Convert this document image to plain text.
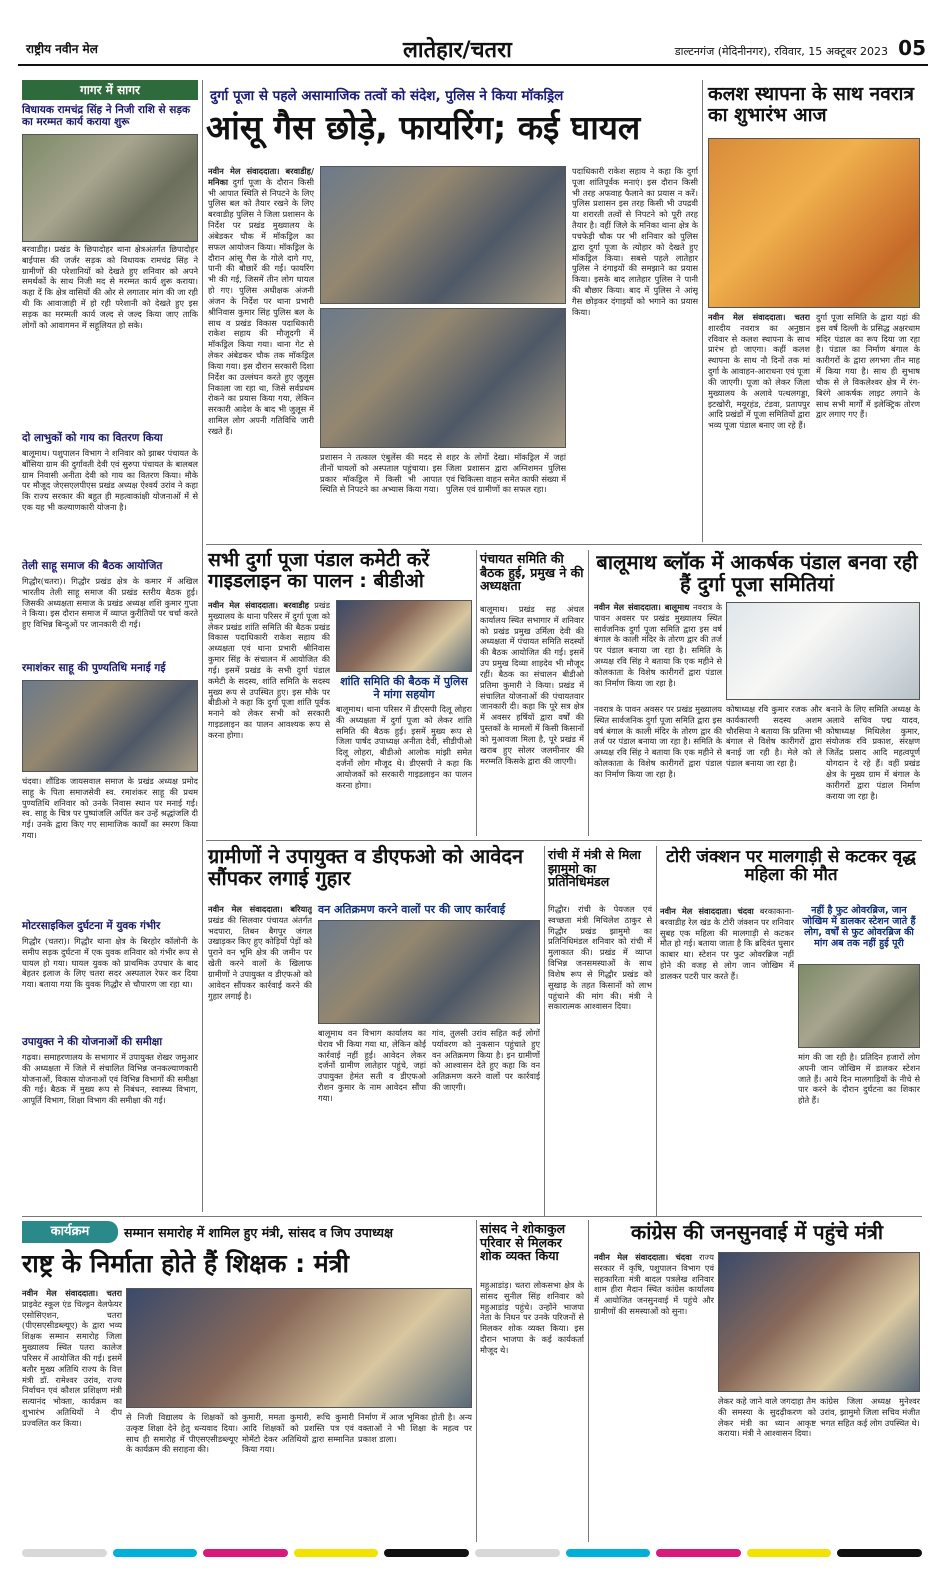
राष्ट्रीय नवीन मेल	लातेहार/चतरा	डाल्टनगंज (मेदिनीनगर), रविवार, 15 अक्टूबर 2023 05
गागर में सागर
विधायक रामचंद्र सिंह ने निजी राशि से सड़क का मरम्मत कार्य कराया शुरू
बरवाडीह। प्रखंड के छिपादोहर थाना क्षेत्रअंतर्गत छिपादोहर बाईपास की जर्जर सड़क को विधायक रामचंद्र सिंह ने ग्रामीणों की परेशानियों को देखते हुए शनिवार को अपने समर्थकों के साथ निजी मद से मरम्मत कार्य शुरू कराया। कहा दें कि क्षेत्र वासियों की ओर से लगातार मांग की जा रही थी कि आवाजाही में हो रही परेशानी को देखते हुए इस सड़क का मरम्मती कार्य जल्द से जल्द किया जाए ताकि लोगों को आवागमन में सहूलियत हो सके।
दो लाभुकों को गाय का वितरण किया
बालूमाथ। पशुपालन विभाग ने शनिवार को झाबर पंचायत के बाँसिया ग्राम की दुर्गावती देवी एवं सुरुपा पंचायत के बालबल ग्राम निवासी अनीता देवी को गाय का वितरण किया। मौके पर मौजूद जेएसएलपीएस प्रखंड अध्यक्ष ऐश्वर्य उरांव ने कहा कि राज्य सरकार की बहुत ही महत्वाकांक्षी योजनाओं में से एक यह भी कल्याणकारी योजना है।
तेली साहू समाज की बैठक आयोजित
गिद्धौर(चतरा)। गिद्धौर प्रखंड क्षेत्र के कमार में अखिल भारतीय तेली साहू समाज की प्रखंड स्तरीय बैठक हुई। जिसकी अध्यक्षता समाज के प्रखंड अध्यक्ष शशि कुमार गुप्ता ने किया। इस दौरान समाज में व्याप्त कुरीतियों पर चर्चा करते हुए विभिन्न बिन्दुओं पर जानकारी दी गई।
रमाशंकर साहू की पुण्यतिथि मनाई गई
चंदवा। शौंडिक जायसवाल समाज के प्रखंड अध्यक्ष प्रमोद साहू के पिता समाजसेवी स्व. रमाशंकर साहू की प्रथम पुण्यतिथि शनिवार को उनके निवास स्थान पर मनाई गई। स्व. साहू के चित्र पर पुष्पांजलि अर्पित कर उन्हें श्रद्धांजलि दी गई। उनके द्वारा किए गए सामाजिक कार्यों का स्मरण किया गया।
मोटरसाइकिल दुर्घटना में युवक गंभीर
गिद्धौर (चतरा)। गिद्धौर थाना क्षेत्र के बिरहोर कॉलोनी के समीप सड़क दुर्घटना में एक युवक शनिवार को गंभीर रूप से घायल हो गया। घायल युवक को प्राथमिक उपचार के बाद बेहतर इलाज के लिए चतरा सदर अस्पताल रेफर कर दिया गया। बताया गया कि युवक गिद्धौर से चौपारण जा रहा था।
उपायुक्त ने की योजनाओं की समीक्षा
गढ़वा। समाहरणालय के सभागार में उपायुक्त शेखर जमुआर की अध्यक्षता में जिले में संचालित विभिन्न जनकल्याणकारी योजनाओं, विकास योजनाओं एवं विभिन्न विभागों की समीक्षा की गई। बैठक में मुख्य रूप से निबंधन, स्वास्थ्य विभाग, आपूर्ति विभाग, शिक्षा विभाग की समीक्षा की गई।
दुर्गा पूजा से पहले असामाजिक तत्वों को संदेश, पुलिस ने किया मॉकड्रिल
आंसू गैस छोड़े, फायरिंग; कई घायल
नवीन मेल संवाददाता। बरवाडीह/मनिका दुर्गा पूजा के दौरान किसी भी आपात स्थिति से निपटने के लिए पुलिस बल को तैयार रखने के लिए बरवाडीह पुलिस ने जिला प्रशासन के निर्देश पर प्रखंड मुख्यालय के अंबेडकर चौक में मॉकड्रिल का सफल आयोजन किया। मॉकड्रिल के दौरान आंसू गैस के गोले दागे गए, पानी की बौछारें की गईं। फायरिंग भी की गई, जिसमें तीन लोग घायल हो गए। पुलिस अधीक्षक अंजनी अंजन के निर्देश पर थाना प्रभारी श्रीनिवास कुमार सिंह पुलिस बल के साथ व प्रखंड विकास पदाधिकारी राकेश सहाय की मौजूदगी में मॉकड्रिल किया गया। थाना गेट से लेकर अंबेडकर चौक तक मॉकड्रिल किया गया। इस दौरान सरकारी दिशा निर्देश का उल्लंघन करते हुए जुलूस निकाला जा रहा था, जिसे सर्वप्रथम रोकने का प्रयास किया गया, लेकिन सरकारी आदेश के बाद भी जुलूस में शामिल लोग अपनी गतिविधि जारी रखते हैं।
प्रशासन ने तत्काल एंबुलेंस की मदद से तीनों घायलों को अस्पताल पहुंचाया। इस प्रकार मॉकड्रिल में किसी भी आपात स्थिति से निपटने का अभ्यास किया गया।
शहर के लोगों देखा। मॉकड्रिल में जहां जिला प्रशासन द्वारा अग्निशमन पुलिस एवं चिकित्सा वाहन समेत काफी संख्या में पुलिस एवं ग्रामीणों का सफल रहा।
पदाधिकारी राकेश सहाय ने कहा कि दुर्गा पूजा शांतिपूर्वक मनाएं। इस दौरान किसी भी तरह अफवाह फैलाने का प्रयास न करें। पुलिस प्रशासन इस तरह किसी भी उपद्रवी या शरारती तत्वों से निपटने को पूरी तरह तैयार है। वहीं जिले के मनिका थाना क्षेत्र के पचफेड़ी चौक पर भी शनिवार को पुलिस द्वारा दुर्गा पूजा के त्योहार को देखते हुए मॉकड्रिल किया। सबसे पहले लातेहार पुलिस ने दंगाइयों की समझाने का प्रयास किया। इसके बाद लातेहार पुलिस ने पानी की बौछार किया। बाद में पुलिस ने आंसू गैस छोड़कर दंगाइयों को भगाने का प्रयास किया।
कलश स्थापना के साथ नवरात्र का शुभारंभ आज
नवीन मेल संवाददाता। चतरा शारदीय नवरात्र का अनुष्ठान रविवार से कलश स्थापना के साथ प्रारंभ हो जाएगा। कहीं कलश स्थापना के साथ नौ दिनों तक मां दुर्गा के आवाहन-आराधना एवं पूजा की जाएगी। पूजा को लेकर जिला मुख्यालय के अलावे पत्थलगड्डा, इटखोरी, मयूरहंड, टंडवा, प्रतापपुर आदि प्रखंडों में पूजा समितियों द्वारा भव्य पूजा पंडाल बनाए जा रहे हैं।
दुर्गा पूजा समिति के द्वारा यहां की इस वर्ष दिल्ली के प्रसिद्ध अक्षरधाम मंदिर पंडाल का रूप दिया जा रहा है। पंडाल का निर्माण बंगाल के कारीगरों के द्वारा लगभग तीन माह में किया गया है। साथ ही सुभाष चौक से ले विकलेश्वर क्षेत्र में रंग-बिरंगे आकर्षक लाइट लगाने के साथ सभी मार्गों में इलेक्ट्रिक तोरण द्वार लगाए गए हैं।
सभी दुर्गा पूजा पंडाल कमेटी करें गाइडलाइन का पालन : बीडीओ
नवीन मेल संवाददाता। बरवाडीह प्रखंड मुख्यालय के थाना परिसर में दुर्गा पूजा को लेकर प्रखंड शांति समिति की बैठक प्रखंड विकास पदाधिकारी राकेश सहाय की अध्यक्षता एवं थाना प्रभारी श्रीनिवास कुमार सिंह के संचालन में आयोजित की गई। इसमें प्रखंड के सभी दुर्गा पंडाल कमेटी के सदस्य, शांति समिति के सदस्य मुख्य रूप से उपस्थित हुए। इस मौके पर बीडीओ ने कहा कि दुर्गा पूजा शांति पूर्वक मनाने को लेकर सभी को सरकारी गाइडलाइन का पालन आवश्यक रूप से करना होगा।
शांति समिति की बैठक में पुलिस ने मांगा सहयोग
बालूमाथ। थाना परिसर में डीएसपी दिलू लोहरा की अध्यक्षता में दुर्गा पूजा को लेकर शांति समिति की बैठक हुई। इसमें मुख्य रूप से जिला पार्षद उपाध्यक्ष अनीता देवी, सीडीपीओ दिलू लोहरा, बीडीओ आलोक मांझी समेत दर्जनों लोग मौजूद थे। डीएसपी ने कहा कि आयोजकों को सरकारी गाइडलाइन का पालन करना होगा।
पंचायत समिति की बैठक हुई, प्रमुख ने की अध्यक्षता
बालूमाथ। प्रखंड सह अंचल कार्यालय स्थित सभागार में शनिवार को प्रखंड प्रमुख उर्मिला देवी की अध्यक्षता में पंचायत समिति सदस्यों की बैठक आयोजित की गई। इसमें उप प्रमुख दिव्या शाहदेव भी मौजूद रहीं। बैठक का संचालन बीडीओ प्रतिमा कुमारी ने किया। प्रखंड में संचालित योजनाओं की पंचायतवार जानकारी दी। कहा कि पूरे सत्र क्षेत्र में अवसर हर्षियों द्वारा वर्षों की पुस्तकों के मामलों में किसी किसानों को मुआवजा मिला है, पूरे प्रखंड में खराब हुए सोलर जलमीनार की मरम्मति किसके द्वारा की जाएगी।
बालूमाथ ब्लॉक में आकर्षक पंडाल बनवा रही हैं दुर्गा पूजा समितियां
नवीन मेल संवाददाता। बालूमाथ नवरात्र के पावन अवसर पर प्रखंड मुख्यालय स्थित सार्वजनिक दुर्गा पूजा समिति द्वारा इस वर्ष बंगाल के काली मंदिर के तोरण द्वार की तर्ज पर पंडाल बनाया जा रहा है। समिति के अध्यक्ष रवि सिंह ने बताया कि एक महीने से कोलकाता के विशेष कारीगरों द्वारा पंडाल का निर्माण किया जा रहा है।
कोषाध्यक्ष रवि कुमार रजक और कार्यकारणी सदस्य अशम चौरसिया ने बताया कि प्रतिमा भी बंगाल से विशेष कारीगरों द्वारा बनाई जा रही है। मेले को ले पंडाल बनाया जा रहा है।
बनाने के लिए समिति अध्यक्ष के अलावे सचिव पद्म यादव, कोषाध्यक्ष मिथिलेश कुमार, संयोजक रवि प्रकाश, संरक्षण जितेंद्र प्रसाद आदि महत्वपूर्ण योगदान दे रहे हैं। वहीं प्रखंड क्षेत्र के मुख्य ग्राम में बंगाल के कारीगरों द्वारा पंडाल निर्माण कराया जा रहा है।
नवरात्र के पावन अवसर पर प्रखंड मुख्यालय स्थित सार्वजनिक दुर्गा पूजा समिति द्वारा इस वर्ष बंगाल के काली मंदिर के तोरण द्वार की तर्ज पर पंडाल बनाया जा रहा है। समिति के अध्यक्ष रवि सिंह ने बताया कि एक महीने से कोलकाता के विशेष कारीगरों द्वारा पंडाल का निर्माण किया जा रहा है।
ग्रामीणों ने उपायुक्त व डीएफओ को आवेदन सौंपकर लगाई गुहार
नवीन मेल संवाददाता। बरियातू प्रखंड की सिलवार पंचायत अंतर्गत भदपारा, तिबन बैगपुर जंगल उखाड़कर किए हुए कोड़ियों पेड़ों को पुराने वन भूमि क्षेत्र की जमीन पर खेती करने वालों के खिलाफ ग्रामीणों ने उपायुक्त व डीएफओ को आवेदन सौंपकर कार्रवाई करने की गुहार लगाई है।
वन अतिक्रमण करने वालों पर की जाए कार्रवाई
बालूमाथ वन विभाग कार्यालय का घेराव भी किया गया था, लेकिन कोई कार्रवाई नहीं हुई। आवेदन लेकर दर्जनों ग्रामीण लातेहार पहुंचे, जहां उपायुक्त हेमंत सती व डीएफओ रौशन कुमार के नाम आवेदन सौंपा गया।
गांव, तुलसी उरांव सहित कई लोगों पर्यावरण को नुकसान पहुंचाते हुए वन अतिक्रमण किया है। इन ग्रामीणों को आश्वासन देते हुए कहा कि वन अतिक्रमण करने वालों पर कार्रवाई की जाएगी।
रांची में मंत्री से मिला झामुमो का प्रतिनिधिमंडल
गिद्धौर। रांची के पेयजल एवं स्वच्छता मंत्री मिथिलेश ठाकुर से गिद्धौर प्रखंड झामुमो का प्रतिनिधिमंडल शनिवार को रांची में मुलाकात की। प्रखंड में व्याप्त विभिन्न जनसमस्याओं के साथ विशेष रूप से गिद्धौर प्रखंड को सुखाड़ के तहत किसानों को लाभ पहुंचाने की मांग की। मंत्री ने सकारात्मक आश्वासन दिया।
टोरी जंक्शन पर मालगाड़ी से कटकर वृद्ध महिला की मौत
नवीन मेल संवाददाता। चंदवा बरकाकाना-बरवाडीह रेल खंड के टोरी जंक्शन पर शनिवार सुबह एक महिला की मालगाड़ी से कटकर मौत हो गई। बताया जाता है कि ब्रदिवंत घुसार काबार था। स्टेशन पर फुट ओवरब्रिज नहीं होने की वजह से लोग जान जोखिम में डालकर पटरी पार करते हैं।
नहीं है फुट ओवरब्रिज, जान जोखिम में डालकर स्टेशन जाते हैं लोग, वर्षों से फुट ओवरब्रिज की मांग अब तक नहीं हुई पूरी
मांग की जा रही है। प्रतिदिन हजारों लोग अपनी जान जोखिम में डालकर स्टेशन जाते हैं। आये दिन मालगाड़ियों के नीचे से पार करने के दौरान दुर्घटना का शिकार होते हैं।
कार्यक्रम	सम्मान समारोह में शामिल हुए मंत्री, सांसद व जिप उपाध्यक्ष
राष्ट्र के निर्माता होते हैं शिक्षक : मंत्री
नवीन मेल संवाददाता। चतरा प्राइवेट स्कूल एंड चिल्ड्रन वेलफेयर एसोसिएशन, चतरा (पीएसएसीडब्ल्यूए) के द्वारा भव्य शिक्षक सम्मान समारोह जिला मुख्यालय स्थित पतरा कालेज परिसर में आयोजित की गई। इसमें बतौर मुख्य अतिथि राज्य के वित्त मंत्री डॉ. रामेश्वर उरांव, राज्य निर्वाचन एवं कौशल प्रशिक्षण मंत्री सत्यानंद भोक्ता, कार्यक्रम का शुभारंभ अतिथियों ने दीप प्रज्वलित कर किया।
से निजी विद्यालय के शिक्षकों को उत्कृष्ट शिक्षा देने हेतु धन्यवाद दिया। साथ ही समारोह में पीएसएसीडब्ल्यूए के कार्यक्रम की सराहना की।
कुमारी, ममता कुमारी, रूचि कुमारी आदि शिक्षकों को प्रशस्ति पत्र एवं मोमेंटो देकर अतिथियों द्वारा सम्मानित किया गया।
निर्माण में आज भूमिका होती है। अन्य वक्ताओं ने भी शिक्षा के महत्व पर प्रकाश डाला।
सांसद ने शोकाकुल परिवार से मिलकर शोक व्यक्त किया
महुआडांड़। चतरा लोकसभा क्षेत्र के सांसद सुनील सिंह शनिवार को महुआडांड़ पहुंचे। उन्होंने भाजपा नेता के निधन पर उनके परिजनों से मिलकर शोक व्यक्त किया। इस दौरान भाजपा के कई कार्यकर्ता मौजूद थे।
कांग्रेस की जनसुनवाई में पहुंचे मंत्री
नवीन मेल संवाददाता। चंदवा राज्य सरकार में कृषि, पशुपालन विभाग एवं सहकारिता मंत्री बादल पत्रलेख शनिवार शाम हीरा मैदान स्थित कांग्रेस कार्यालय में आयोजित जनसुनवाई में पहुंचे और ग्रामीणों की समस्याओं को सुना।
लेकर कहे जाने वाले जगदाहा तैम की समस्या के सुदढ़ीकरण को लेकर मंत्री का ध्यान आकृष्ट कराया। मंत्री ने आश्वासन दिया।
कांग्रेस जिला अध्यक्ष मुनेश्वर उरांव, झामुमो जिला सचिव मंजीत भगत सहित कई लोग उपस्थित थे।
